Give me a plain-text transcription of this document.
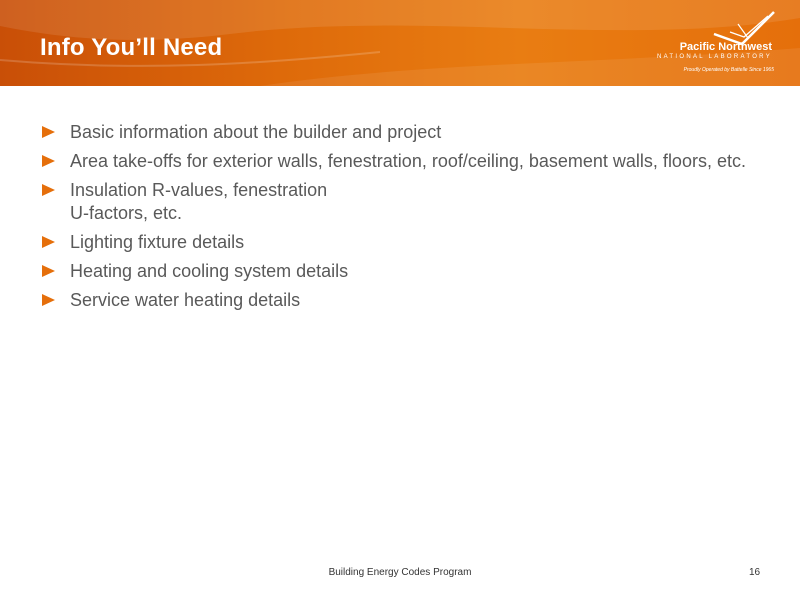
Info You’ll Need	Pacific Northwest
NATIONAL LABORATORY
Proudly Operated by Battelle Since 1965
Basic information about the builder and project
Area take-offs for exterior walls, fenestration, roof/ceiling, basement walls, floors, etc.
Insulation R-values, fenestration
U-factors, etc.
Lighting fixture details
Heating and cooling system details
Service water heating details
Building Energy Codes Program	16
